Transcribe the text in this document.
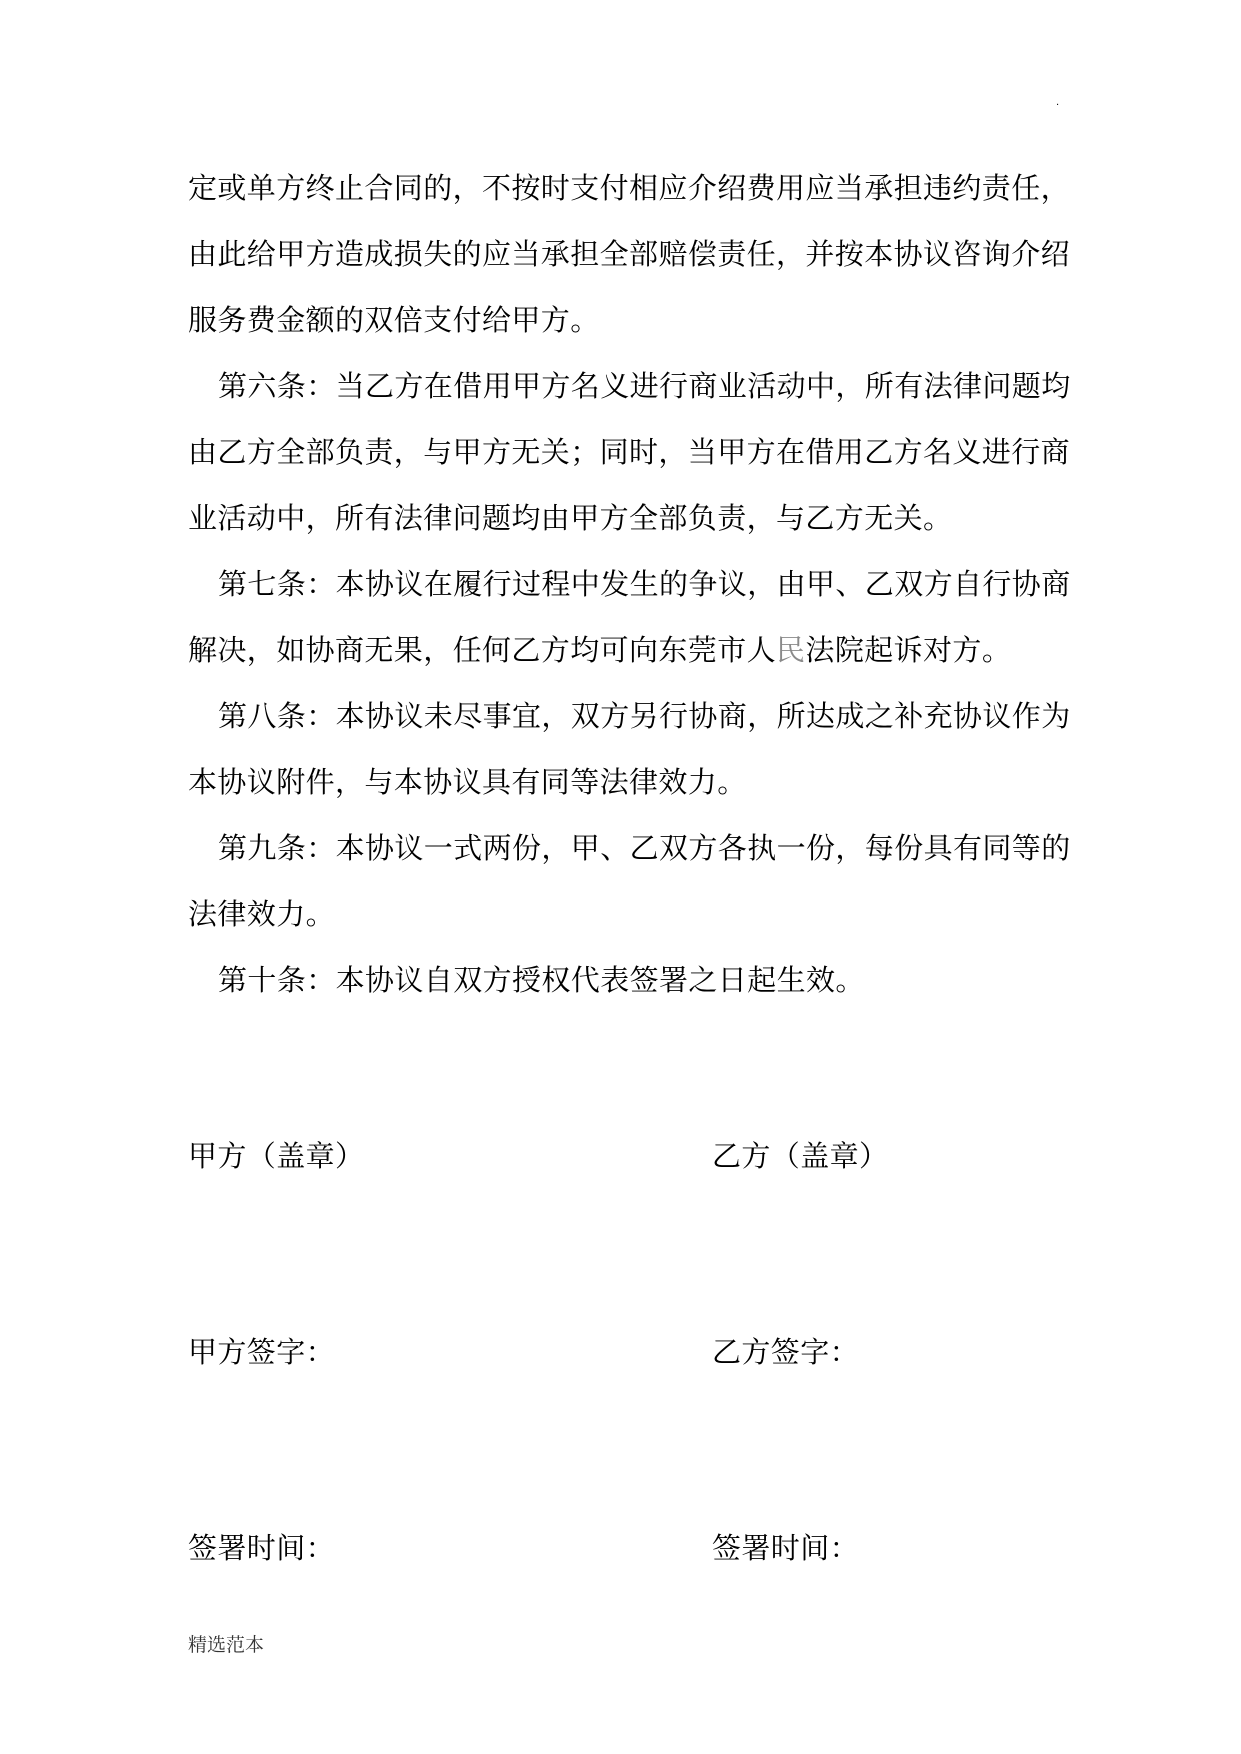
.
定或单方终止合同的，不按时支付相应介绍费用应当承担违约责任，
由此给甲方造成损失的应当承担全部赔偿责任，并按本协议咨询介绍
服务费金额的双倍支付给甲方。
第六条：当乙方在借用甲方名义进行商业活动中，所有法律问题均
由乙方全部负责，与甲方无关；同时，当甲方在借用乙方名义进行商
业活动中，所有法律问题均由甲方全部负责，与乙方无关。
第七条：本协议在履行过程中发生的争议，由甲、乙双方自行协商
解决，如协商无果，任何乙方均可向东莞市人民法院起诉对方。
第八条：本协议未尽事宜，双方另行协商，所达成之补充协议作为
本协议附件，与本协议具有同等法律效力。
第九条：本协议一式两份，甲、乙双方各执一份，每份具有同等的
法律效力。
第十条：本协议自双方授权代表签署之日起生效。
甲方（盖章）	乙方（盖章）
甲方签字：	乙方签字：
签署时间：	签署时间：
精选范本
